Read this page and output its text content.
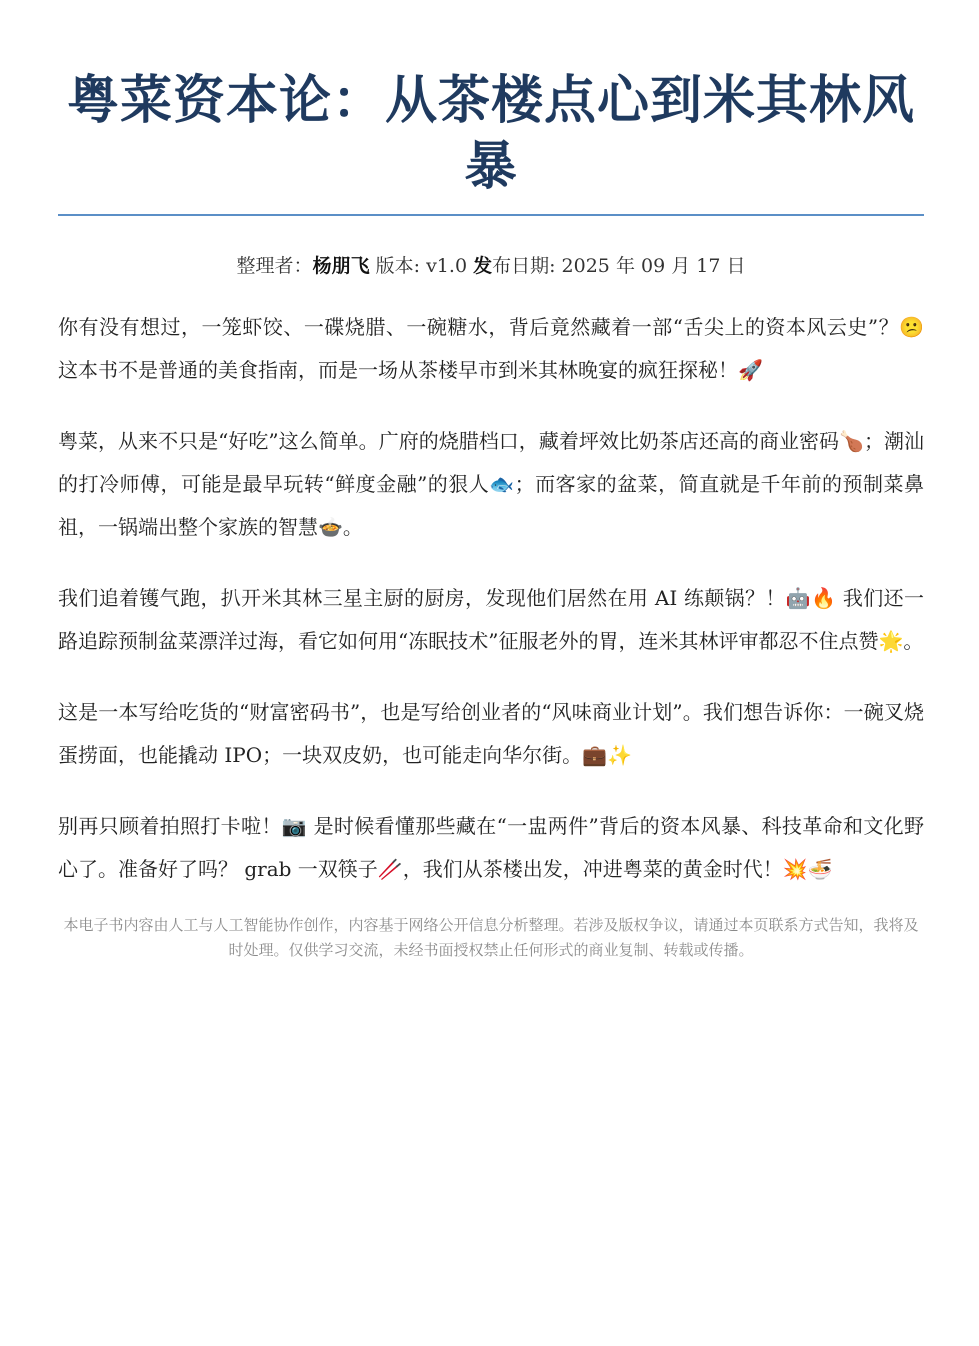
粤菜资本论：从茶楼点心到米其林风暴
整理者：杨朋飞 版本: v1.0 发布日期: 2025 年 09 月 17 日

你有没有想过，一笼虾饺、一碟烧腊、一碗糖水，背后竟然藏着一部“舌尖上的资本风云史”？😕 这本书不是普通的美食指南，而是一场从茶楼早市到米其林晚宴的疯狂探秘！🚀

粤菜，从来不只是“好吃”这么简单。广府的烧腊档口，藏着坪效比奶茶店还高的商业密码🍗；潮汕的打冷师傅，可能是最早玩转“鲜度金融”的狠人🐟；而客家的盆菜，简直就是千年前的预制菜鼻祖，一锅端出整个家族的智慧🍲。

我们追着镬气跑，扒开米其林三星主厨的厨房，发现他们居然在用 AI 练颠锅？！🤖🔥 我们还一路追踪预制盆菜漂洋过海，看它如何用“冻眠技术”征服老外的胃，连米其林评审都忍不住点赞🌟。

这是一本写给吃货的“财富密码书”，也是写给创业者的“风味商业计划”。我们想告诉你：一碗叉烧蛋捞面，也能撬动 IPO；一块双皮奶，也可能走向华尔街。💼✨

别再只顾着拍照打卡啦！📷 是时候看懂那些藏在“一盅两件”背后的资本风暴、科技革命和文化野心了。准备好了吗？ grab 一双筷子🥢，我们从茶楼出发，冲进粤菜的黄金时代！💥🍜

本电子书内容由人工与人工智能协作创作，内容基于网络公开信息分析整理。若涉及版权争议，请通过本页联系方式告知，我将及时处理。仅供学习交流，未经书面授权禁止任何形式的商业复制、转载或传播。
